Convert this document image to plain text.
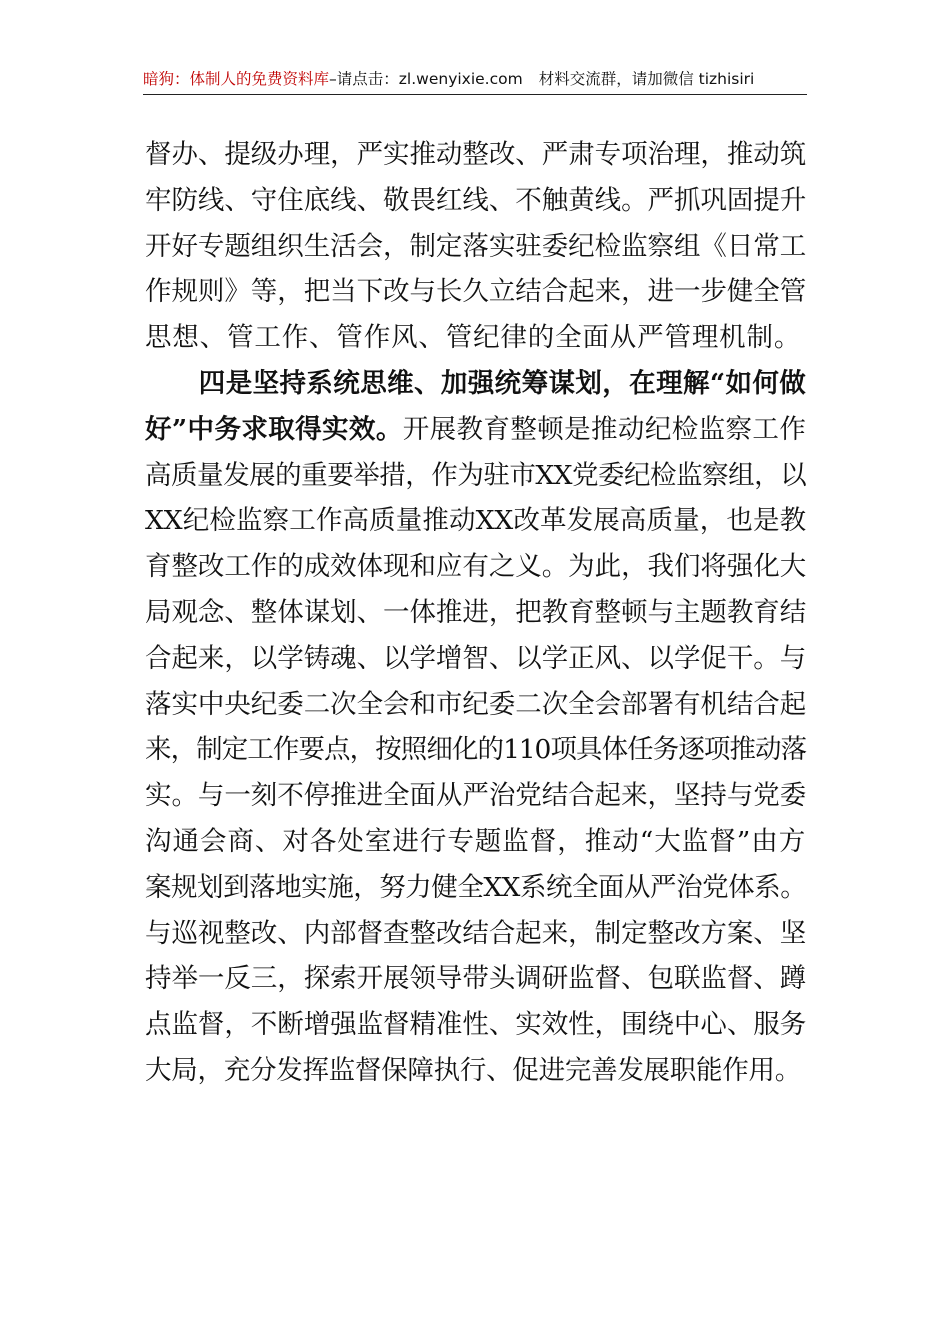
暗狗：体制人的免费资料库–请点击：zl.wenyixie.com 材料交流群，请加微信 tizhisiri
督办、提级办理，严实推动整改、严肃专项治理，推动筑
牢防线、守住底线、敬畏红线、不触黄线。严抓巩固提升
开好专题组织生活会，制定落实驻委纪检监察组《日常工
作规则》等，把当下改与长久立结合起来，进一步健全管
思想、管工作、管作风、管纪律的全面从严管理机制。
　　四是坚持系统思维、加强统筹谋划，在理解“如何做
好”中务求取得实效。开展教育整顿是推动纪检监察工作
高质量发展的重要举措，作为驻市XX党委纪检监察组，以
XX纪检监察工作高质量推动XX改革发展高质量，也是教
育整改工作的成效体现和应有之义。为此，我们将强化大
局观念、整体谋划、一体推进，把教育整顿与主题教育结
合起来，以学铸魂、以学增智、以学正风、以学促干。与
落实中央纪委二次全会和市纪委二次全会部署有机结合起
来，制定工作要点，按照细化的110项具体任务逐项推动落
实。与一刻不停推进全面从严治党结合起来，坚持与党委
沟通会商、对各处室进行专题监督，推动“大监督”由方
案规划到落地实施，努力健全XX系统全面从严治党体系。
与巡视整改、内部督查整改结合起来，制定整改方案、坚
持举一反三，探索开展领导带头调研监督、包联监督、蹲
点监督，不断增强监督精准性、实效性，围绕中心、服务
大局，充分发挥监督保障执行、促进完善发展职能作用。
